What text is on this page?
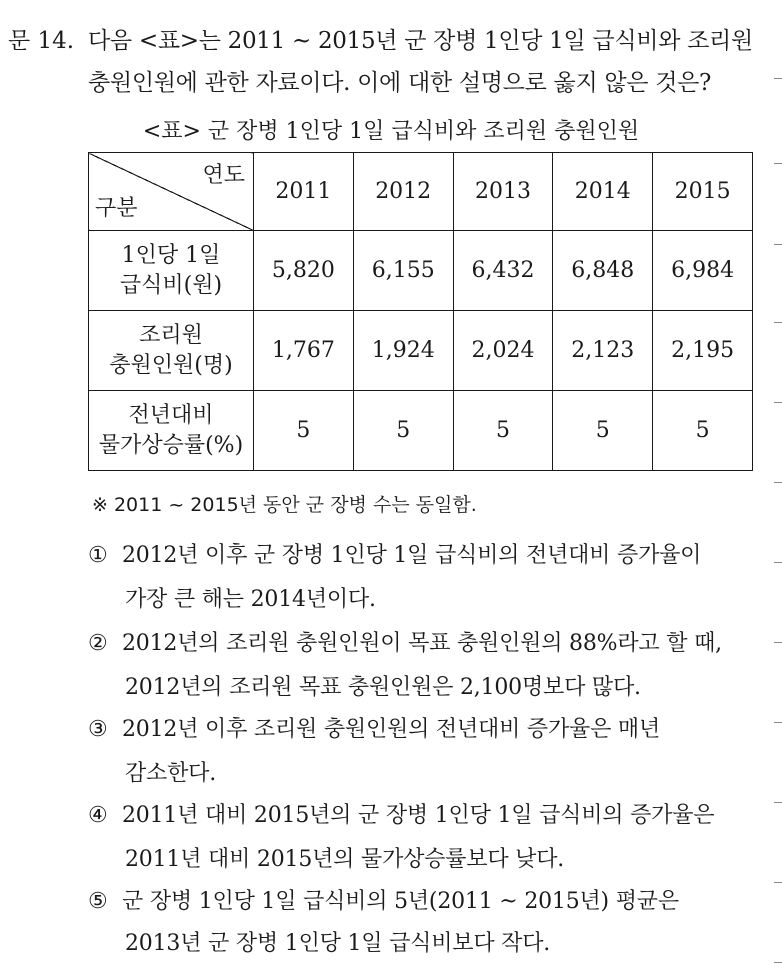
문 14. 다음 <표>는 2011 ~ 2015년 군 장병 1인당 1일 급식비와 조리원
충원인원에 관한 자료이다. 이에 대한 설명으로 옳지 않은 것은?
<표> 군 장병 1인당 1일 급식비와 조리원 충원인원
연도
구분	2011	2012	2013	2014	2015

1인당 1일
급식비(원)	5,820	6,155	6,432	6,848	6,984

조리원
충원인원(명)	1,767	1,924	2,024	2,123	2,195

전년대비
물가상승률(%)	5	5	5	5	5
※ 2011 ~ 2015년 동안 군 장병 수는 동일함.
① 2012년 이후 군 장병 1인당 1일 급식비의 전년대비 증가율이
가장 큰 해는 2014년이다.
② 2012년의 조리원 충원인원이 목표 충원인원의 88%라고 할 때,
2012년의 조리원 목표 충원인원은 2,100명보다 많다.
③ 2012년 이후 조리원 충원인원의 전년대비 증가율은 매년
감소한다.
④ 2011년 대비 2015년의 군 장병 1인당 1일 급식비의 증가율은
2011년 대비 2015년의 물가상승률보다 낮다.
⑤ 군 장병 1인당 1일 급식비의 5년(2011 ~ 2015년) 평균은
2013년 군 장병 1인당 1일 급식비보다 작다.
